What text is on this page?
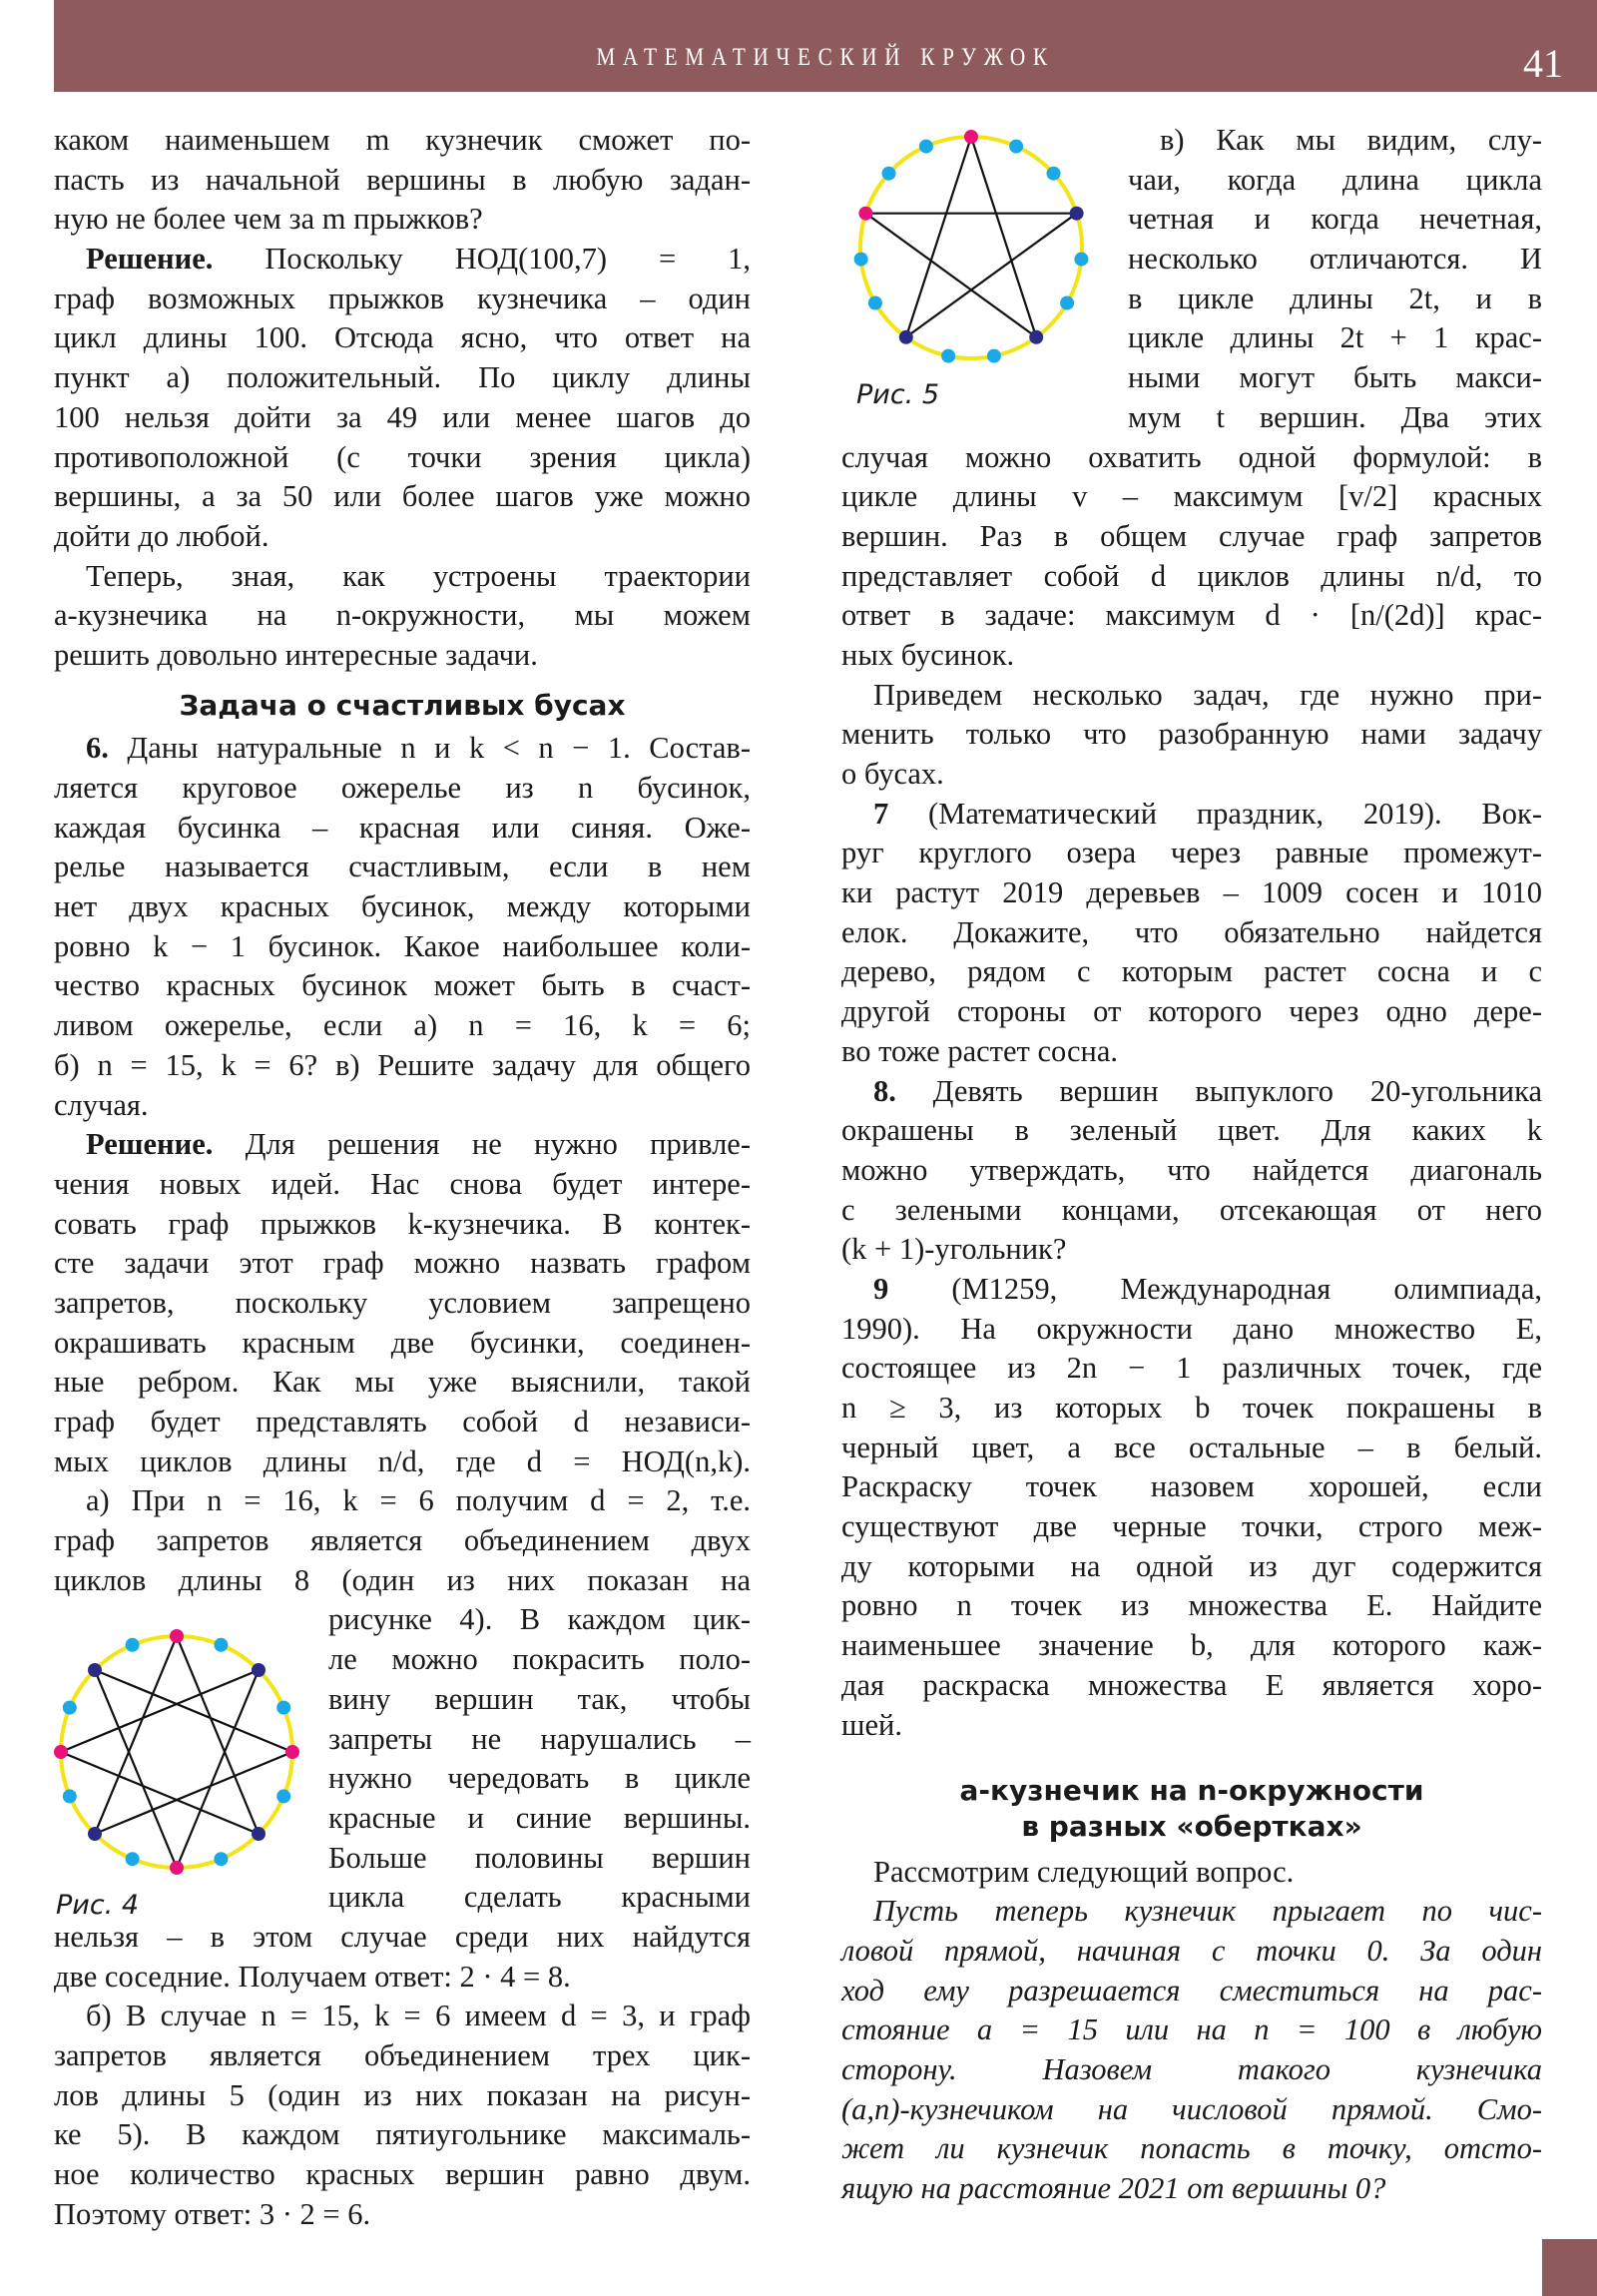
МАТЕМАТИЧЕСКИЙ КРУЖОК	41
каком наименьшем m кузнечик сможет по-
пасть из начальной вершины в любую задан-
ную не более чем за m прыжков?
Решение. Поскольку НОД(100,7) = 1,
граф возможных прыжков кузнечика – один
цикл длины 100. Отсюда ясно, что ответ на
пункт а) положительный. По циклу длины
100 нельзя дойти за 49 или менее шагов до
противоположной (с точки зрения цикла)
вершины, а за 50 или более шагов уже можно
дойти до любой.
Теперь, зная, как устроены траектории
a-кузнечика на n-окружности, мы можем
решить довольно интересные задачи.
Задача о счастливых бусах
6. Даны натуральные n и k < n − 1. Состав-
ляется круговое ожерелье из n бусинок,
каждая бусинка – красная или синяя. Оже-
релье называется счастливым, если в нем
нет двух красных бусинок, между которыми
ровно k − 1 бусинок. Какое наибольшее коли-
чество красных бусинок может быть в счаст-
ливом ожерелье, если а) n = 16, k = 6;
б) n = 15, k = 6? в) Решите задачу для общего
случая.
Решение. Для решения не нужно привле-
чения новых идей. Нас снова будет интере-
совать граф прыжков k-кузнечика. В контек-
сте задачи этот граф можно назвать графом
запретов, поскольку условием запрещено
окрашивать красным две бусинки, соединен-
ные ребром. Как мы уже выяснили, такой
граф будет представлять собой d независи-
мых циклов длины n/d, где d = НОД(n,k).
а) При n = 16, k = 6 получим d = 2, т.е.
граф запретов является объединением двух
циклов длины 8 (один из них показан на
рисунке 4). В каждом цик-
ле можно покрасить поло-
вину вершин так, чтобы
запреты не нарушались –
нужно чередовать в цикле
красные и синие вершины.
Больше половины вершин
цикла сделать красными
нельзя – в этом случае среди них найдутся
две соседние. Получаем ответ: 2 · 4 = 8.
б) В случае n = 15, k = 6 имеем d = 3, и граф
запретов является объединением трех цик-
лов длины 5 (один из них показан на рисун-
ке 5). В каждом пятиугольнике максималь-
ное количество красных вершин равно двум.
Поэтому ответ: 3 · 2 = 6.
Рис. 4
в) Как мы видим, слу-
чаи, когда длина цикла
четная и когда нечетная,
несколько отличаются. И
в цикле длины 2t, и в
цикле длины 2t + 1 крас-
ными могут быть макси-
мум t вершин. Два этих
случая можно охватить одной формулой: в
цикле длины v – максимум [v/2] красных
вершин. Раз в общем случае граф запретов
представляет собой d циклов длины n/d, то
ответ в задаче: максимум d · [n/(2d)] крас-
ных бусинок.
Приведем несколько задач, где нужно при-
менить только что разобранную нами задачу
о бусах.
7 (Математический праздник, 2019). Вок-
руг круглого озера через равные промежут-
ки растут 2019 деревьев – 1009 сосен и 1010
елок. Докажите, что обязательно найдется
дерево, рядом с которым растет сосна и с
другой стороны от которого через одно дере-
во тоже растет сосна.
8. Девять вершин выпуклого 20-угольника
окрашены в зеленый цвет. Для каких k
можно утверждать, что найдется диагональ
с зелеными концами, отсекающая от него
(k + 1)-угольник?
9 (М1259, Международная олимпиада,
1990). На окружности дано множество E,
состоящее из 2n − 1 различных точек, где
n ≥ 3, из которых b точек покрашены в
черный цвет, а все остальные – в белый.
Раскраску точек назовем хорошей, если
существуют две черные точки, строго меж-
ду которыми на одной из дуг содержится
ровно n точек из множества E. Найдите
наименьшее значение b, для которого каж-
дая раскраска множества E является хоро-
шей.
a-кузнечик на n-окружности
в разных «обертках»
Рассмотрим следующий вопрос.
Пусть теперь кузнечик прыгает по чис-
ловой прямой, начиная с точки 0. За один
ход ему разрешается сместиться на рас-
стояние a = 15 или на n = 100 в любую
сторону. Назовем такого кузнечика
(a,n)-кузнечиком на числовой прямой. Смо-
жет ли кузнечик попасть в точку, отсто-
ящую на расстояние 2021 от вершины 0?
Рис. 5
